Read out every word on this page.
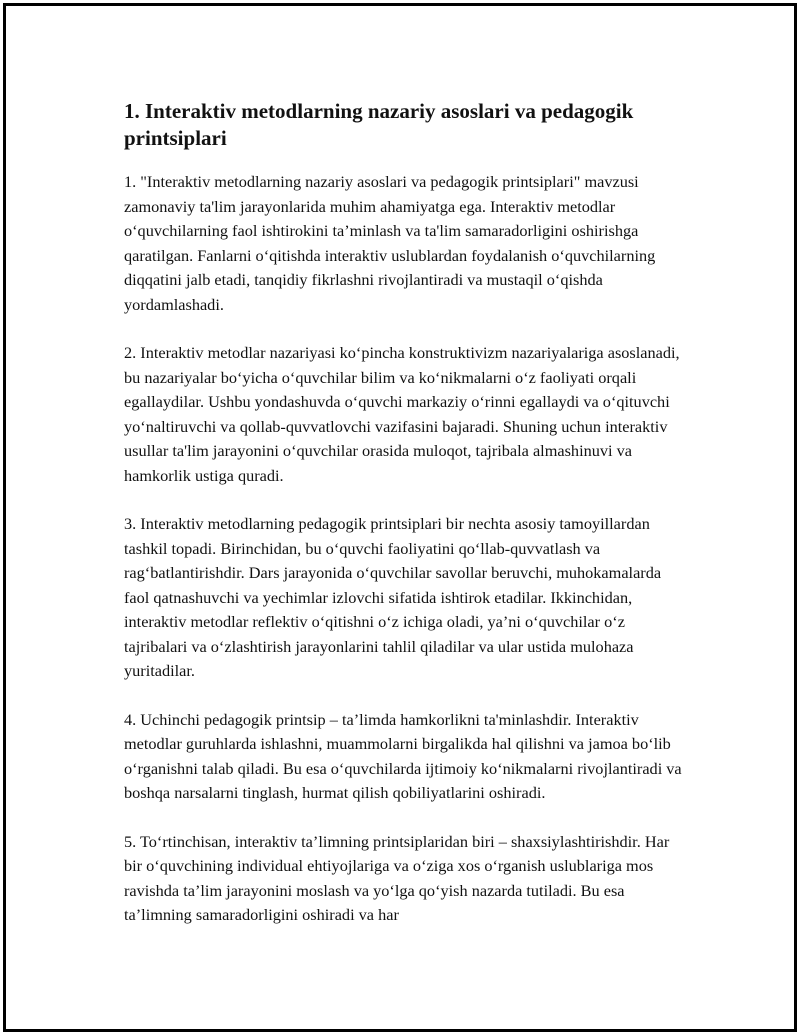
1. Interaktiv metodlarning nazariy asoslari va pedagogik printsiplari

1. "Interaktiv metodlarning nazariy asoslari va pedagogik printsiplari" mavzusi zamonaviy ta'lim jarayonlarida muhim ahamiyatga ega. Interaktiv metodlar o‘quvchilarning faol ishtirokini ta’minlash va ta'lim samaradorligini oshirishga qaratilgan. Fanlarni o‘qitishda interaktiv uslublardan foydalanish o‘quvchilarning diqqatini jalb etadi, tanqidiy fikrlashni rivojlantiradi va mustaqil o‘qishda yordamlashadi.

2. Interaktiv metodlar nazariyasi ko‘pincha konstruktivizm nazariyalariga asoslanadi, bu nazariyalar bo‘yicha o‘quvchilar bilim va ko‘nikmalarni o‘z faoliyati orqali egallaydilar. Ushbu yondashuvda o‘quvchi markaziy o‘rinni egallaydi va o‘qituvchi yo‘naltiruvchi va qollab-quvvatlovchi vazifasini bajaradi. Shuning uchun interaktiv usullar ta'lim jarayonini o‘quvchilar orasida muloqot, tajribala almashinuvi va hamkorlik ustiga quradi.

3. Interaktiv metodlarning pedagogik printsiplari bir nechta asosiy tamoyillardan tashkil topadi. Birinchidan, bu o‘quvchi faoliyatini qo‘llab-quvvatlash va rag‘batlantirishdir. Dars jarayonida o‘quvchilar savollar beruvchi, muhokamalarda faol qatnashuvchi va yechimlar izlovchi sifatida ishtirok etadilar. Ikkinchidan, interaktiv metodlar reflektiv o‘qitishni o‘z ichiga oladi, ya’ni o‘quvchilar o‘z tajribalari va o‘zlashtirish jarayonlarini tahlil qiladilar va ular ustida mulohaza yuritadilar.

4. Uchinchi pedagogik printsip – ta’limda hamkorlikni ta'minlashdir. Interaktiv metodlar guruhlarda ishlashni, muammolarni birgalikda hal qilishni va jamoa bo‘lib o‘rganishni talab qiladi. Bu esa o‘quvchilarda ijtimoiy ko‘nikmalarni rivojlantiradi va boshqa narsalarni tinglash, hurmat qilish qobiliyatlarini oshiradi.

5. To‘rtinchisan, interaktiv ta’limning printsiplaridan biri – shaxsiylashtirishdir. Har bir o‘quvchining individual ehtiyojlariga va o‘ziga xos o‘rganish uslublariga mos ravishda ta’lim jarayonini moslash va yo‘lga qo‘yish nazarda tutiladi. Bu esa ta’limning samaradorligini oshiradi va har
